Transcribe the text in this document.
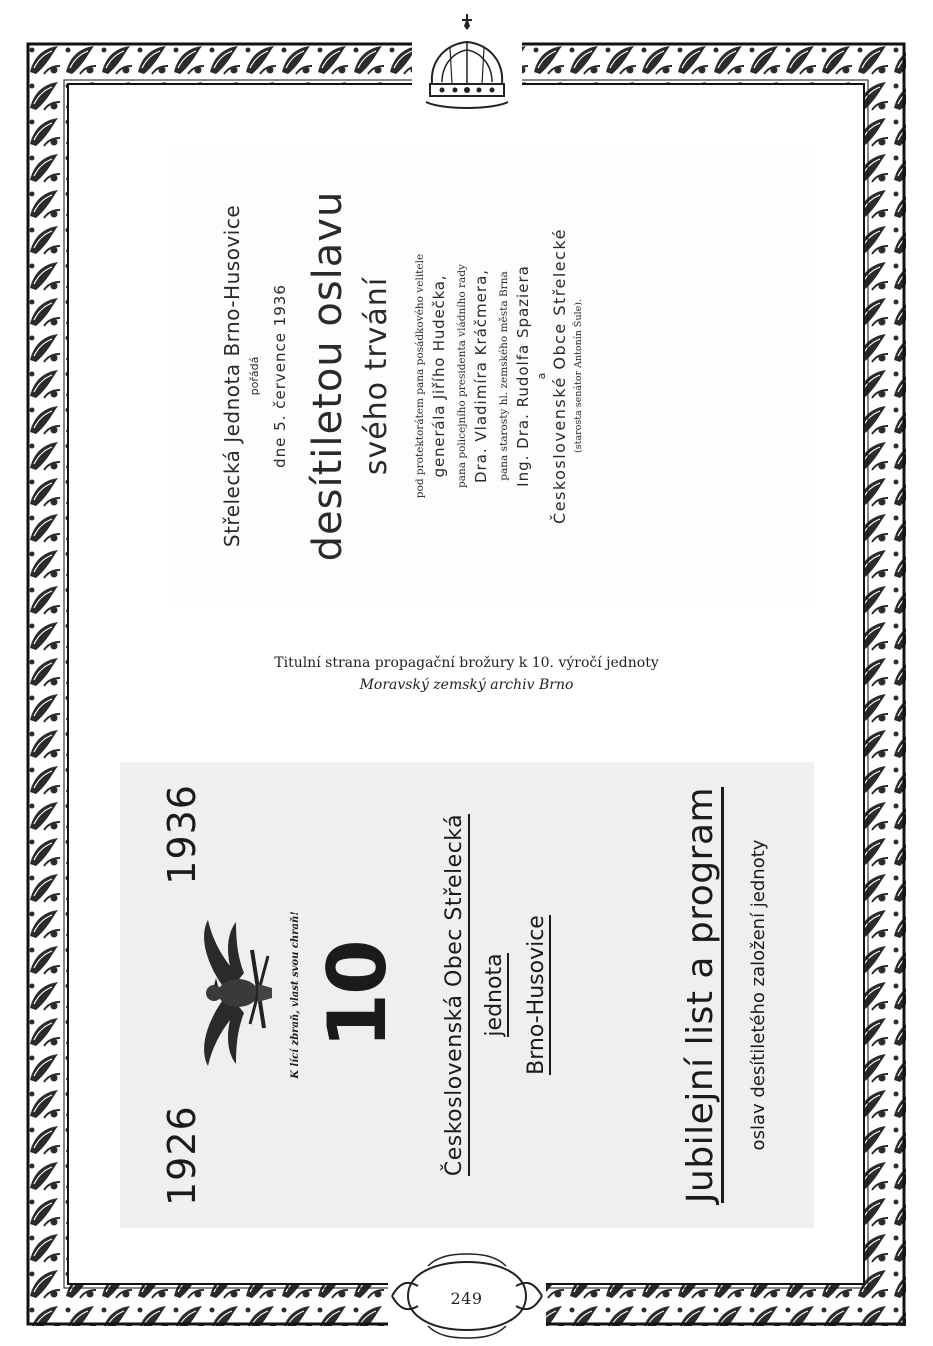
Střelecká Jednota Brno-Husovice pořádá dne 5. července 1936 desítiletou oslavu svého trvání pod protektorátem pana posádkového velitele generála Jiřího Hudečka, pana policejního presidenta vládního rady Dra. Vladimíra Kráčmera, pana starosty hl. zemského města Brna Ing. Dra. Rudolfa Spaziera a Československé Obce Střelecké (starosta senátor Antonín Šule).
Titulní strana propagační brožury k 10. výročí jednoty
Moravský zemský archiv Brno
1926
1936
K lící zbraň, vlast svou chraň! 10 Československá Obec Střelecká jednota Brno-Husovice	Jubilejní list a program oslav desítiletého založení jednoty
249
